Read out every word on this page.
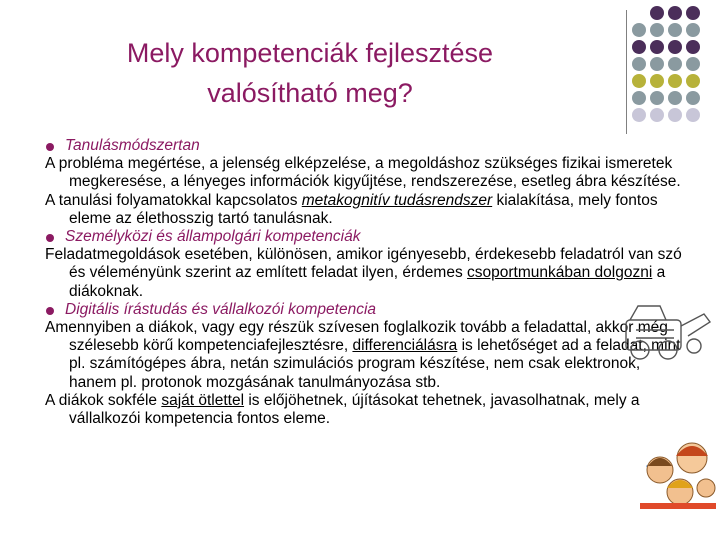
Mely kompetenciák fejlesztése
valósítható meg?
Tanulásmódszertan
A probléma megértése, a jelenség elképzelése, a megoldáshoz szükséges fizikai ismeretek megkeresése, a lényeges információk kigyűjtése, rendszerezése, esetleg ábra készítése.
A tanulási folyamatokkal kapcsolatos metakognitív tudásrendszer kialakítása, mely fontos eleme az élethosszig tartó tanulásnak.
Személyközi és állampolgári kompetenciák
Feladatmegoldások esetében, különösen, amikor igényesebb, érdekesebb feladatról van szó és véleményünk szerint az említett feladat ilyen, érdemes csoportmunkában dolgozni a diákoknak.
Digitális írástudás és vállalkozói kompetencia
Amennyiben a diákok, vagy egy részük szívesen foglalkozik tovább a feladattal, akkor még szélesebb körű kompetenciafejlesztésre, differenciálásra is lehetőséget ad a feladat, mint pl. számítógépes ábra, netán szimulációs program készítése, nem csak elektronok, hanem pl. protonok mozgásának tanulmányozása stb.
A diákok sokféle saját ötlettel is előjöhetnek, újításokat tehetnek, javasolhatnak, mely a vállalkozói kompetencia fontos eleme.
